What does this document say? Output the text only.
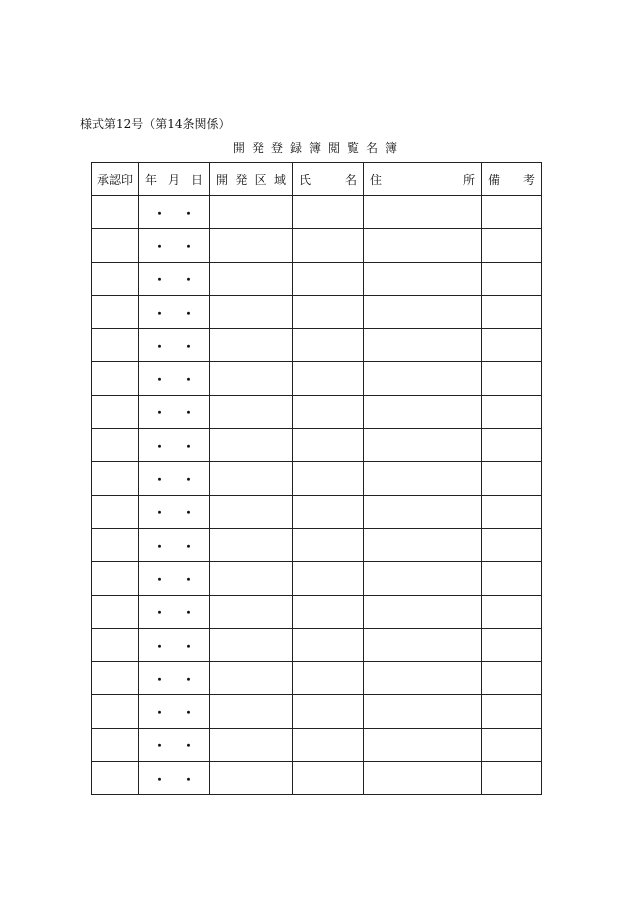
様式第12号（第14条関係）
開 発 登 録 簿 閲 覧 名 簿
承認印	年 月 日	開 発 区 域	氏 名	住 所	備 考

	・ ・				
	・ ・				
	・ ・				
	・ ・				
	・ ・				
	・ ・				
	・ ・				
	・ ・				
	・ ・				
	・ ・				
	・ ・				
	・ ・				
	・ ・				
	・ ・				
	・ ・				
	・ ・				
	・ ・				
	・ ・				
